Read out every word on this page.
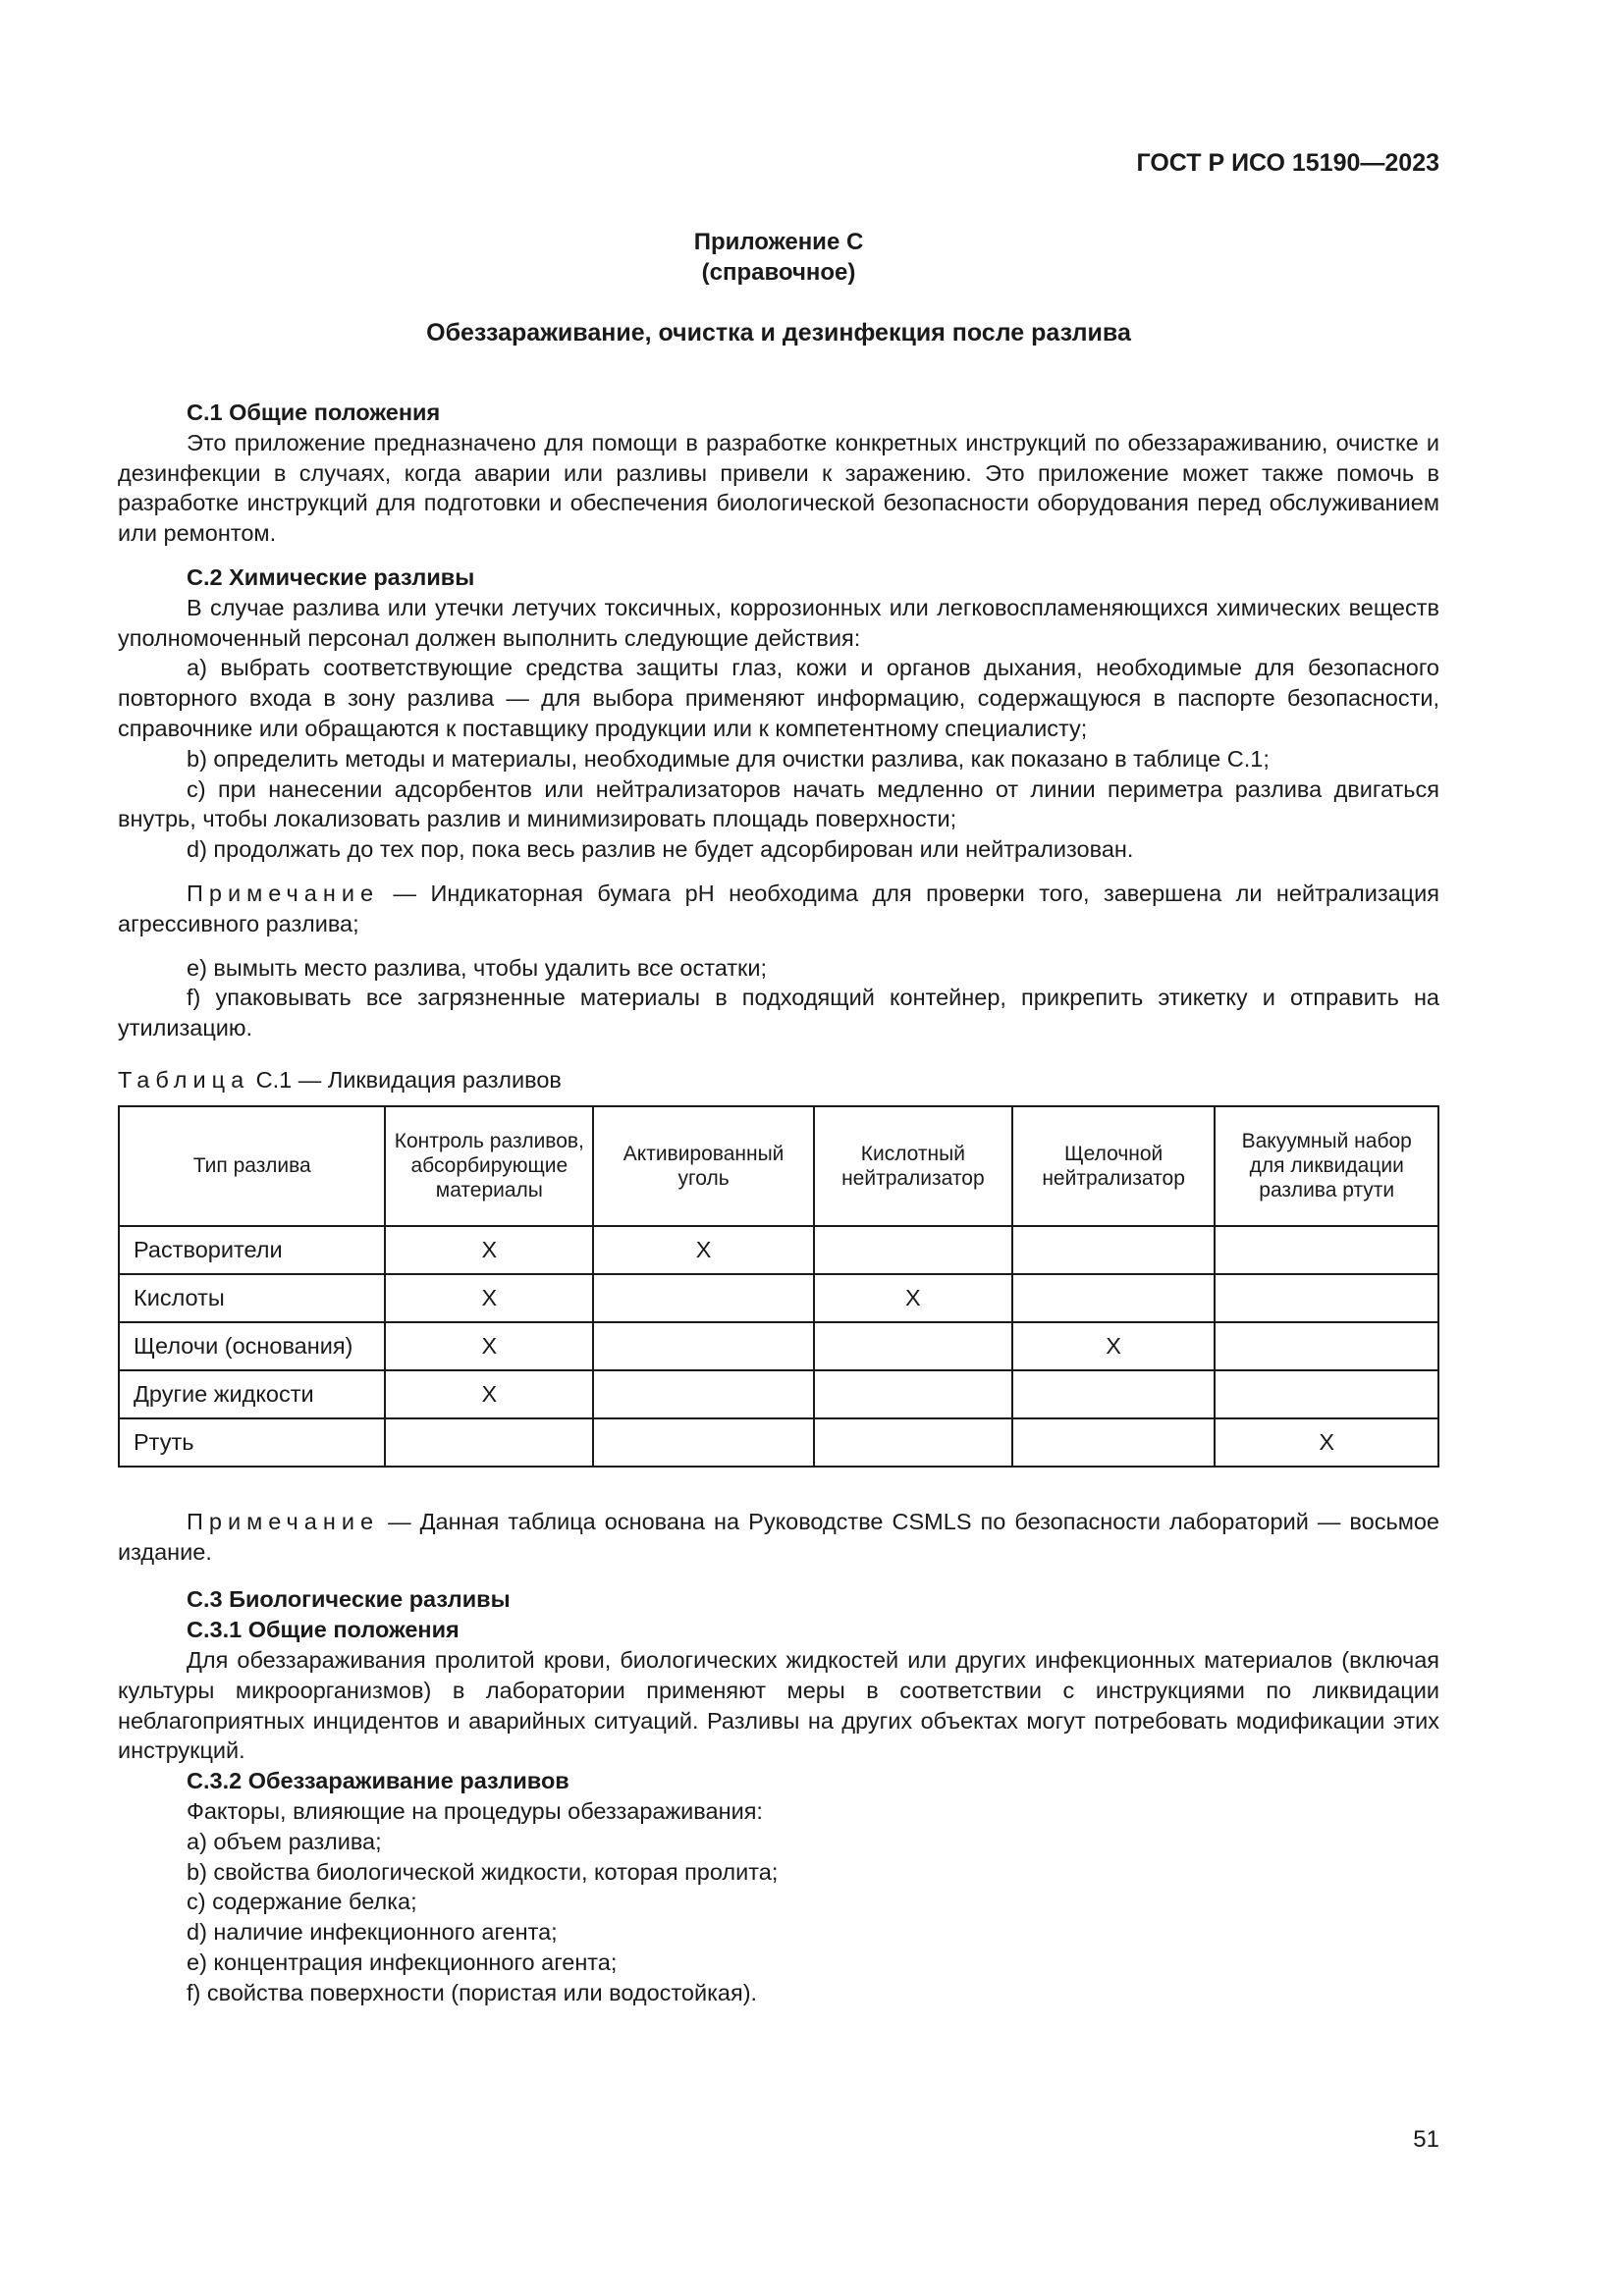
ГОСТ Р ИСО 15190—2023
Приложение С
(справочное)
Обеззараживание, очистка и дезинфекция после разлива
С.1 Общие положения
Это приложение предназначено для помощи в разработке конкретных инструкций по обеззараживанию, очистке и дезинфекции в случаях, когда аварии или разливы привели к заражению. Это приложение может также помочь в разработке инструкций для подготовки и обеспечения биологической безопасности оборудования перед обслуживанием или ремонтом.
С.2 Химические разливы
В случае разлива или утечки летучих токсичных, коррозионных или легковоспламеняющихся химических веществ уполномоченный персонал должен выполнить следующие действия:
а) выбрать соответствующие средства защиты глаз, кожи и органов дыхания, необходимые для безопасного повторного входа в зону разлива — для выбора применяют информацию, содержащуюся в паспорте безопасности, справочнике или обращаются к поставщику продукции или к компетентному специалисту;
b) определить методы и материалы, необходимые для очистки разлива, как показано в таблице С.1;
с) при нанесении адсорбентов или нейтрализаторов начать медленно от линии периметра разлива двигаться внутрь, чтобы локализовать разлив и минимизировать площадь поверхности;
d) продолжать до тех пор, пока весь разлив не будет адсорбирован или нейтрализован.
Примечание — Индикаторная бумага рН необходима для проверки того, завершена ли нейтрализация агрессивного разлива;
е) вымыть место разлива, чтобы удалить все остатки;
f) упаковывать все загрязненные материалы в подходящий контейнер, прикрепить этикетку и отправить на утилизацию.
Таблица С.1 — Ликвидация разливов
Тип разлива	Контроль разливов, абсорбирующие материалы	Активированный уголь	Кислотный нейтрализатор	Щелочной нейтрализатор	Вакуумный набор для ликвидации разлива ртути
Растворители	X	X			
Кислоты	X		X		
Щелочи (основания)	X			X	
Другие жидкости	X				
Ртуть					X
Примечание — Данная таблица основана на Руководстве CSMLS по безопасности лабораторий — восьмое издание.
С.3 Биологические разливы
С.3.1 Общие положения
Для обеззараживания пролитой крови, биологических жидкостей или других инфекционных материалов (включая культуры микроорганизмов) в лаборатории применяют меры в соответствии с инструкциями по ликвидации неблагоприятных инцидентов и аварийных ситуаций. Разливы на других объектах могут потребовать модификации этих инструкций.
С.3.2 Обеззараживание разливов
Факторы, влияющие на процедуры обеззараживания:
а) объем разлива;
b) свойства биологической жидкости, которая пролита;
с) содержание белка;
d) наличие инфекционного агента;
е) концентрация инфекционного агента;
f) свойства поверхности (пористая или водостойкая).
51
